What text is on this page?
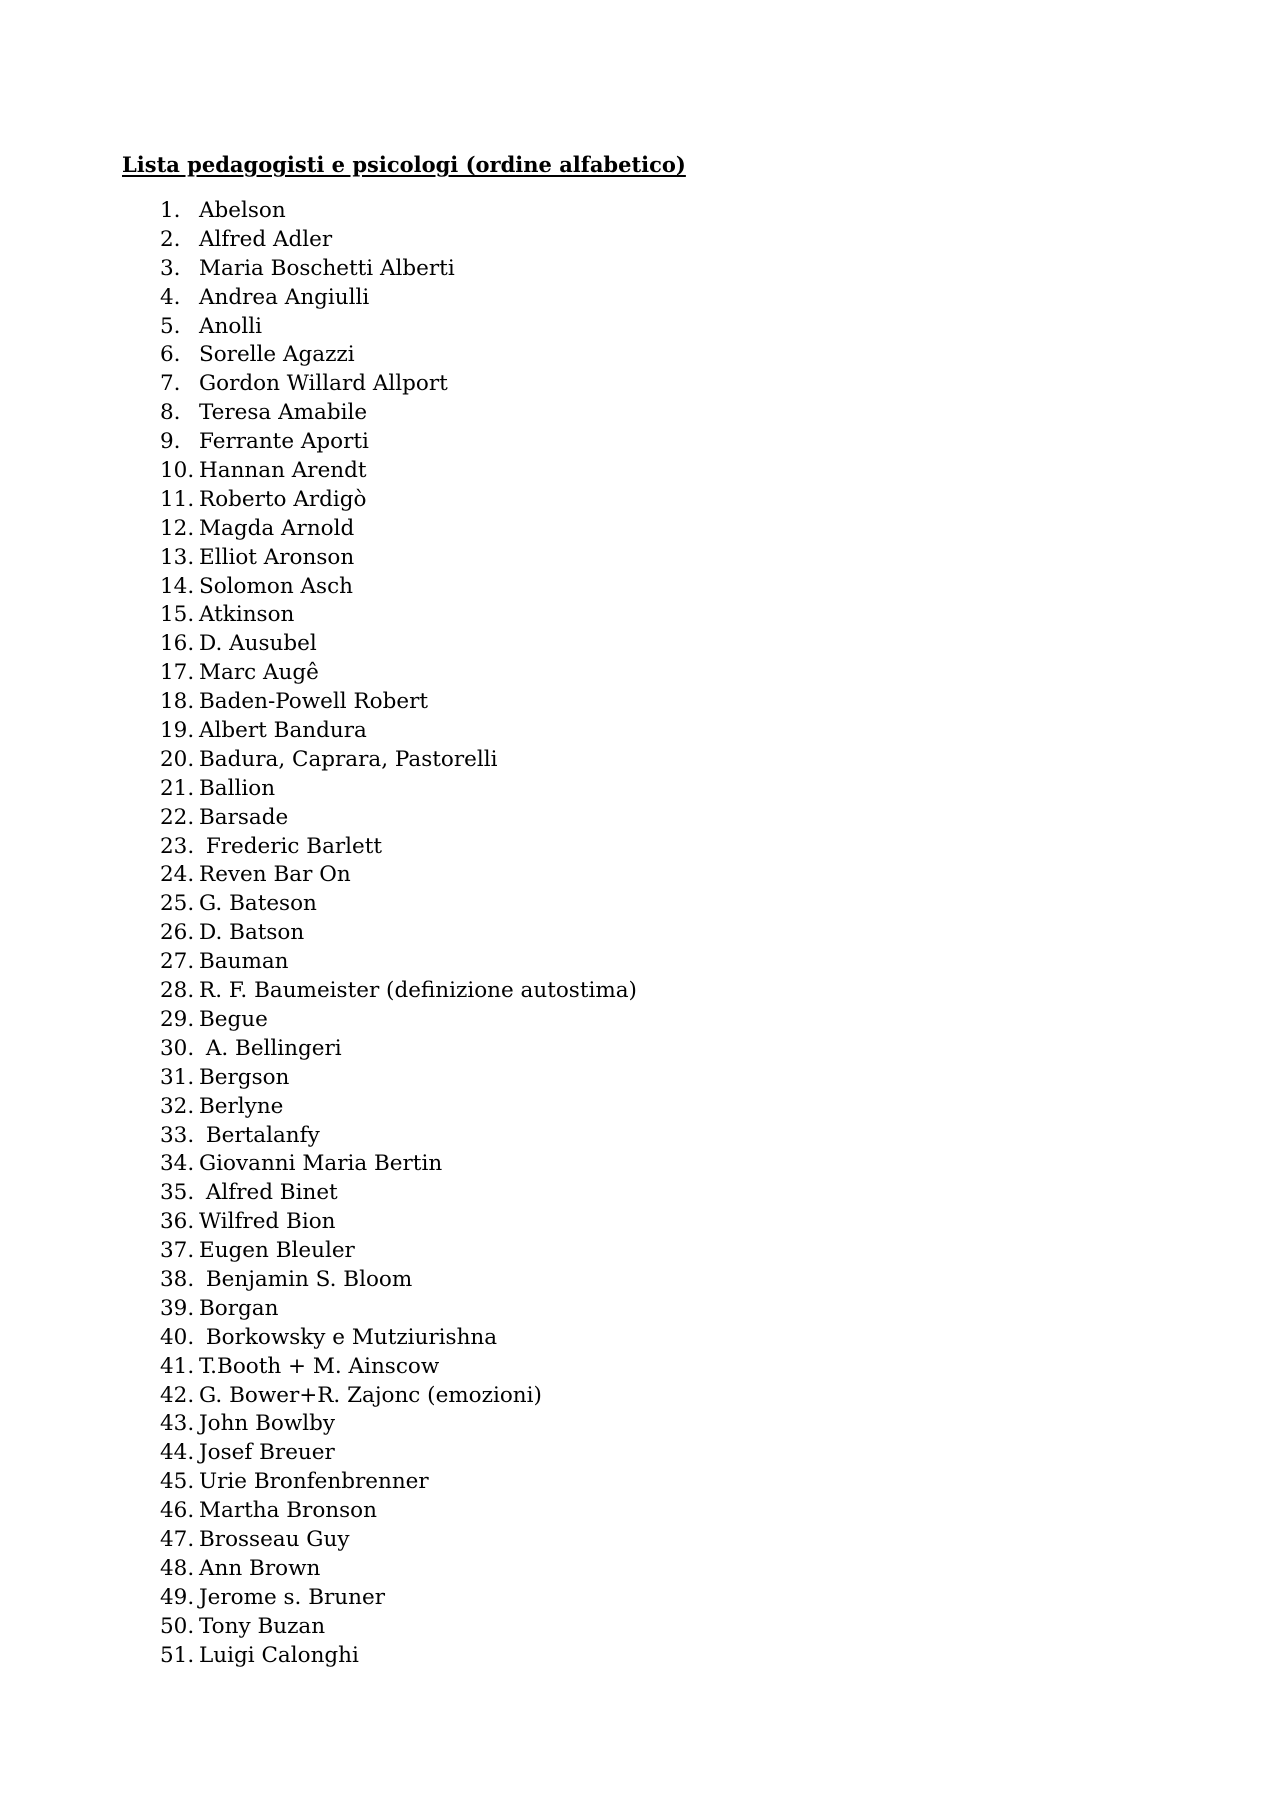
Lista pedagogisti e psicologi (ordine alfabetico)
1. Abelson
2. Alfred Adler
3. Maria Boschetti Alberti
4. Andrea Angiulli
5. Anolli
6. Sorelle Agazzi
7. Gordon Willard Allport
8. Teresa Amabile
9. Ferrante Aporti
10. Hannan Arendt
11. Roberto Ardigò
12. Magda Arnold
13. Elliot Aronson
14. Solomon Asch
15. Atkinson
16. D. Ausubel
17. Marc Augê
18. Baden-Powell Robert
19. Albert Bandura
20. Badura, Caprara, Pastorelli
21. Ballion
22. Barsade
23. Frederic Barlett
24. Reven Bar On
25. G. Bateson
26. D. Batson
27. Bauman
28. R. F. Baumeister (definizione autostima)
29. Begue
30. A. Bellingeri
31. Bergson
32. Berlyne
33. Bertalanfy
34. Giovanni Maria Bertin
35. Alfred Binet
36. Wilfred Bion
37. Eugen Bleuler
38. Benjamin S. Bloom
39. Borgan
40. Borkowsky e Mutziurishna
41. T.Booth + M. Ainscow
42. G. Bower+R. Zajonc (emozioni)
43. John Bowlby
44. Josef Breuer
45. Urie Bronfenbrenner
46. Martha Bronson
47. Brosseau Guy
48. Ann Brown
49. Jerome s. Bruner
50. Tony Buzan
51. Luigi Calonghi
